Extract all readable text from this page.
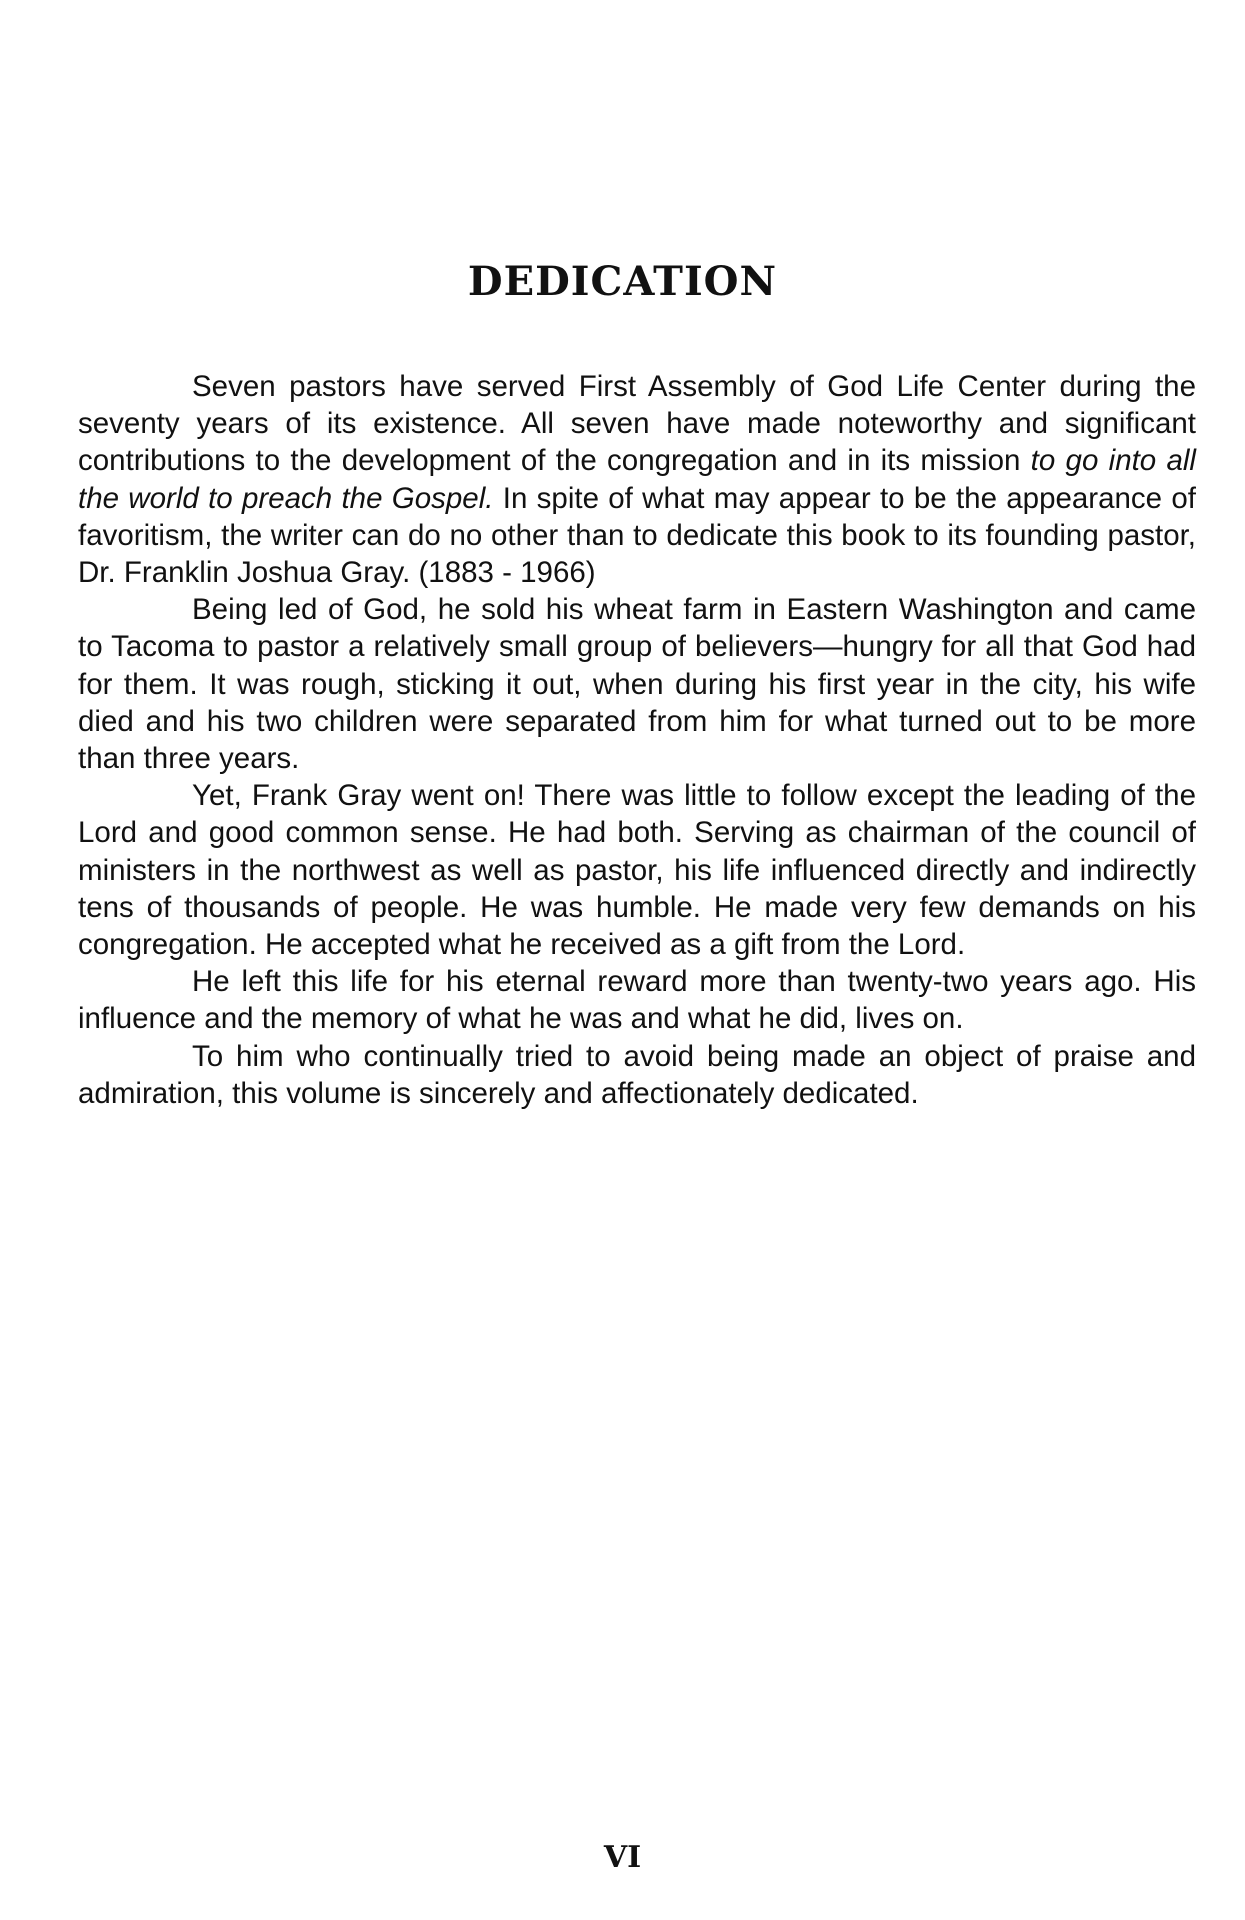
DEDICATION

Seven pastors have served First Assembly of God Life Center during the seventy years of its existence. All seven have made noteworthy and significant contributions to the development of the congregation and in its mission to go into all the world to preach the Gospel. In spite of what may appear to be the appearance of favoritism, the writer can do no other than to dedicate this book to its founding pastor, Dr. Franklin Joshua Gray. (1883 - 1966)

Being led of God, he sold his wheat farm in Eastern Washington and came to Tacoma to pastor a relatively small group of believers—hungry for all that God had for them. It was rough, sticking it out, when during his first year in the city, his wife died and his two children were separated from him for what turned out to be more than three years.

Yet, Frank Gray went on! There was little to follow except the leading of the Lord and good common sense. He had both. Serving as chairman of the council of ministers in the northwest as well as pastor, his life influenced directly and indirectly tens of thousands of people. He was humble. He made very few demands on his congregation. He accepted what he received as a gift from the Lord.

He left this life for his eternal reward more than twenty-two years ago. His influence and the memory of what he was and what he did, lives on.

To him who continually tried to avoid being made an object of praise and admiration, this volume is sincerely and affectionately dedicated.

VI
